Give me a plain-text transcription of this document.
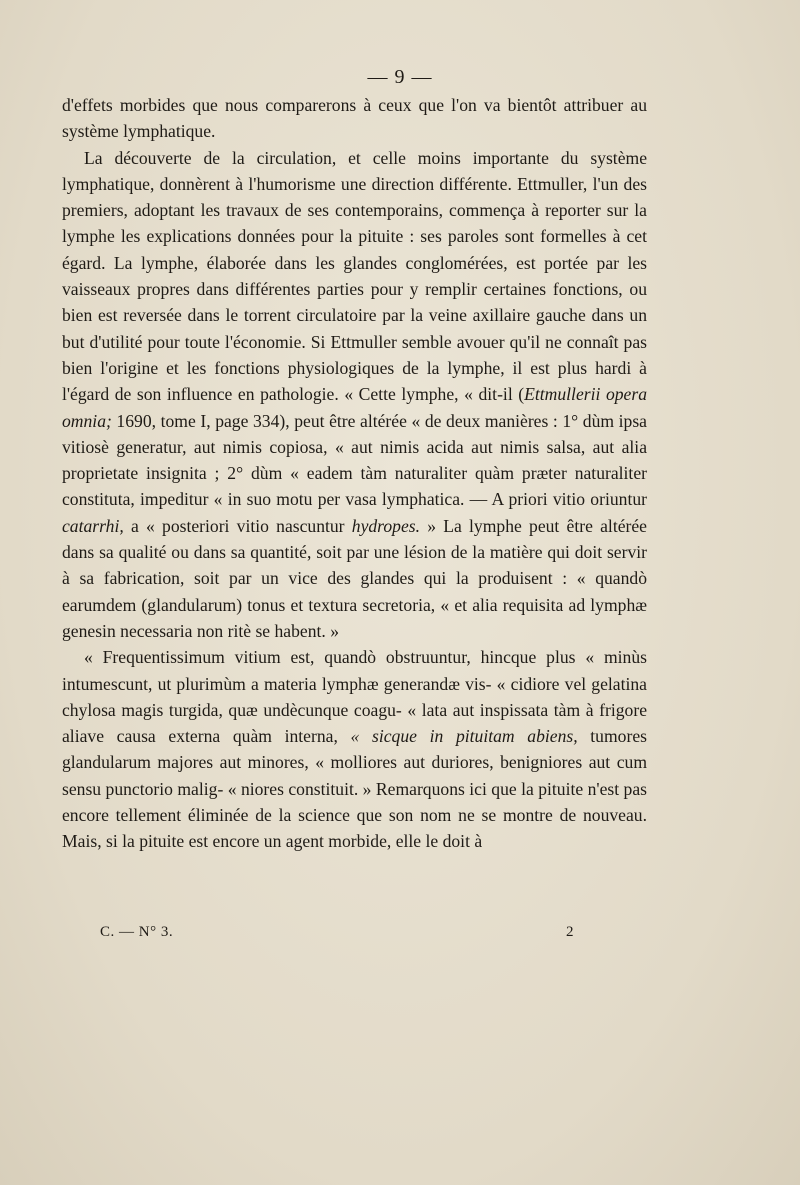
— 9 —

d'effets morbides que nous comparerons à ceux que l'on va bientôt attribuer au système lymphatique.

La découverte de la circulation, et celle moins importante du système lymphatique, donnèrent à l'humorisme une direction différente. Ettmuller, l'un des premiers, adoptant les travaux de ses contemporains, commença à reporter sur la lymphe les explications données pour la pituite : ses paroles sont formelles à cet égard. La lymphe, élaborée dans les glandes conglomérées, est portée par les vaisseaux propres dans différentes parties pour y remplir certaines fonctions, ou bien est reversée dans le torrent circulatoire par la veine axillaire gauche dans un but d'utilité pour toute l'économie. Si Ettmuller semble avouer qu'il ne connaît pas bien l'origine et les fonctions physiologiques de la lymphe, il est plus hardi à l'égard de son influence en pathologie. « Cette lymphe, « dit-il (Ettmullerii opera omnia; 1690, tome I, page 334), peut être altérée « de deux manières : 1° dùm ipsa vitiosè generatur, aut nimis copiosa, « aut nimis acida aut nimis salsa, aut alia proprietate insignita ; 2° dùm « eadem tàm naturaliter quàm præter naturaliter constituta, impeditur « in suo motu per vasa lymphatica. — A priori vitio oriuntur catarrhi, a « posteriori vitio nascuntur hydropes. » La lymphe peut être altérée dans sa qualité ou dans sa quantité, soit par une lésion de la matière qui doit servir à sa fabrication, soit par un vice des glandes qui la produisent : « quandò earumdem (glandularum) tonus et textura secretoria, « et alia requisita ad lymphæ genesin necessaria non ritè se habent. »

« Frequentissimum vitium est, quandò obstruuntur, hincque plus « minùs intumescunt, ut plurimùm a materia lymphæ generandæ vis- « cidiore vel gelatina chylosa magis turgida, quæ undècunque coagu- « lata aut inspissata tàm à frigore aliave causa externa quàm interna, « sicque in pituitam abiens, tumores glandularum majores aut minores, « molliores aut duriores, benigniores aut cum sensu punctorio malig- « niores constituit. » Remarquons ici que la pituite n'est pas encore tellement éliminée de la science que son nom ne se montre de nouveau. Mais, si la pituite est encore un agent morbide, elle le doit à

C. — N° 3.	2
